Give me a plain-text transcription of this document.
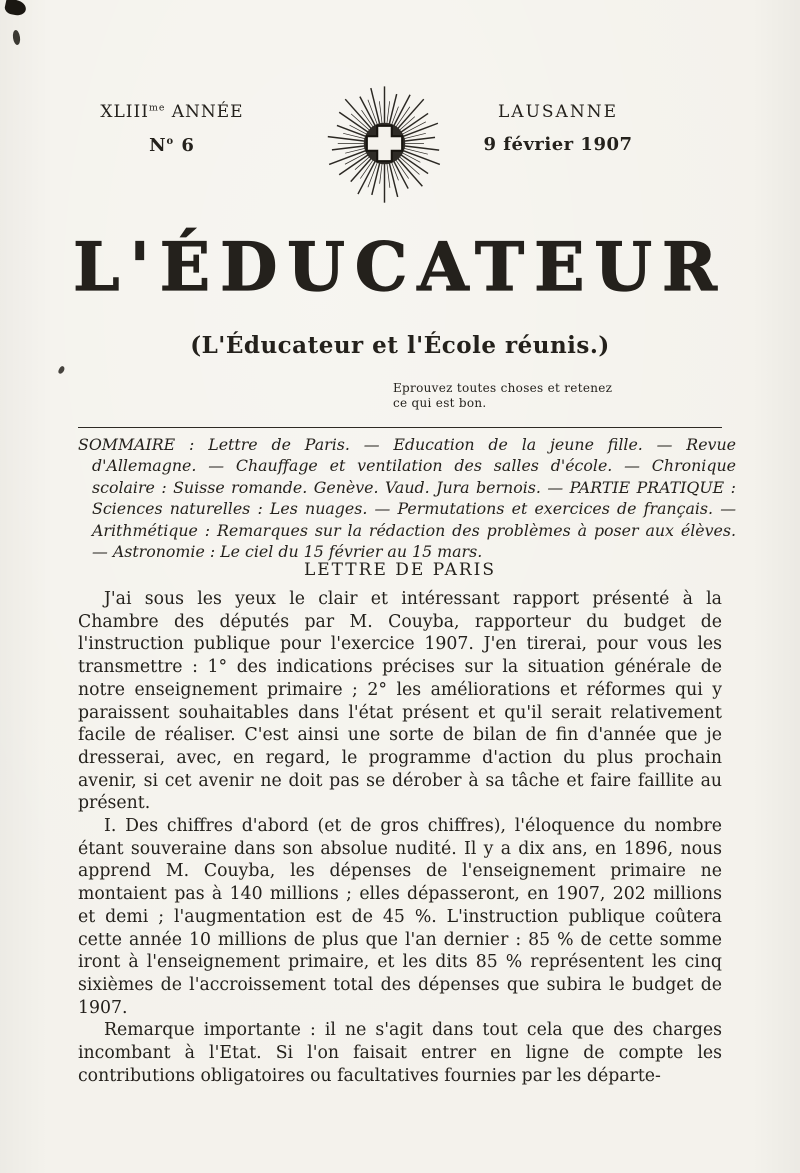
$XLIII^{me}$ ANNÉE
$N^o$ 6
LAUSANNE
9 février 1907
L'ÉDUCATEUR
(L'Éducateur et l'École réunis.)
Eprouvez toutes choses et retenez
ce qui est bon.

SOMMAIRE : Lettre de Paris. — Education de la jeune fille. — Revue d'Allemagne. — Chauffage et ventilation des salles d'école. — Chronique scolaire : Suisse romande. Genève. Vaud. Jura bernois. — PARTIE PRATIQUE : Sciences naturelles : Les nuages. — Permutations et exercices de français. — Arithmétique : Remarques sur la rédaction des problèmes à poser aux élèves. — Astronomie : Le ciel du 15 février au 15 mars.

LETTRE DE PARIS

J'ai sous les yeux le clair et intéressant rapport présenté à la Chambre des députés par M. Couyba, rapporteur du budget de l'instruction publique pour l'exercice 1907. J'en tirerai, pour vous les transmettre : 1° des indications précises sur la situation générale de notre enseignement primaire ; 2° les améliorations et réformes qui y paraissent souhaitables dans l'état présent et qu'il serait relativement facile de réaliser. C'est ainsi une sorte de bilan de fin d'année que je dresserai, avec, en regard, le programme d'action du plus prochain avenir, si cet avenir ne doit pas se dérober à sa tâche et faire faillite au présent.

I. Des chiffres d'abord (et de gros chiffres), l'éloquence du nombre étant souveraine dans son absolue nudité. Il y a dix ans, en 1896, nous apprend M. Couyba, les dépenses de l'enseignement primaire ne montaient pas à 140 millions ; elles dépasseront, en 1907, 202 millions et demi ; l'augmentation est de 45 %. L'instruction publique coûtera cette année 10 millions de plus que l'an dernier : 85 % de cette somme iront à l'enseignement primaire, et les dits 85 % représentent les cinq sixièmes de l'accroissement total des dépenses que subira le budget de 1907.

Remarque importante : il ne s'agit dans tout cela que des charges incombant à l'Etat. Si l'on faisait entrer en ligne de compte les contributions obligatoires ou facultatives fournies par les départe-
